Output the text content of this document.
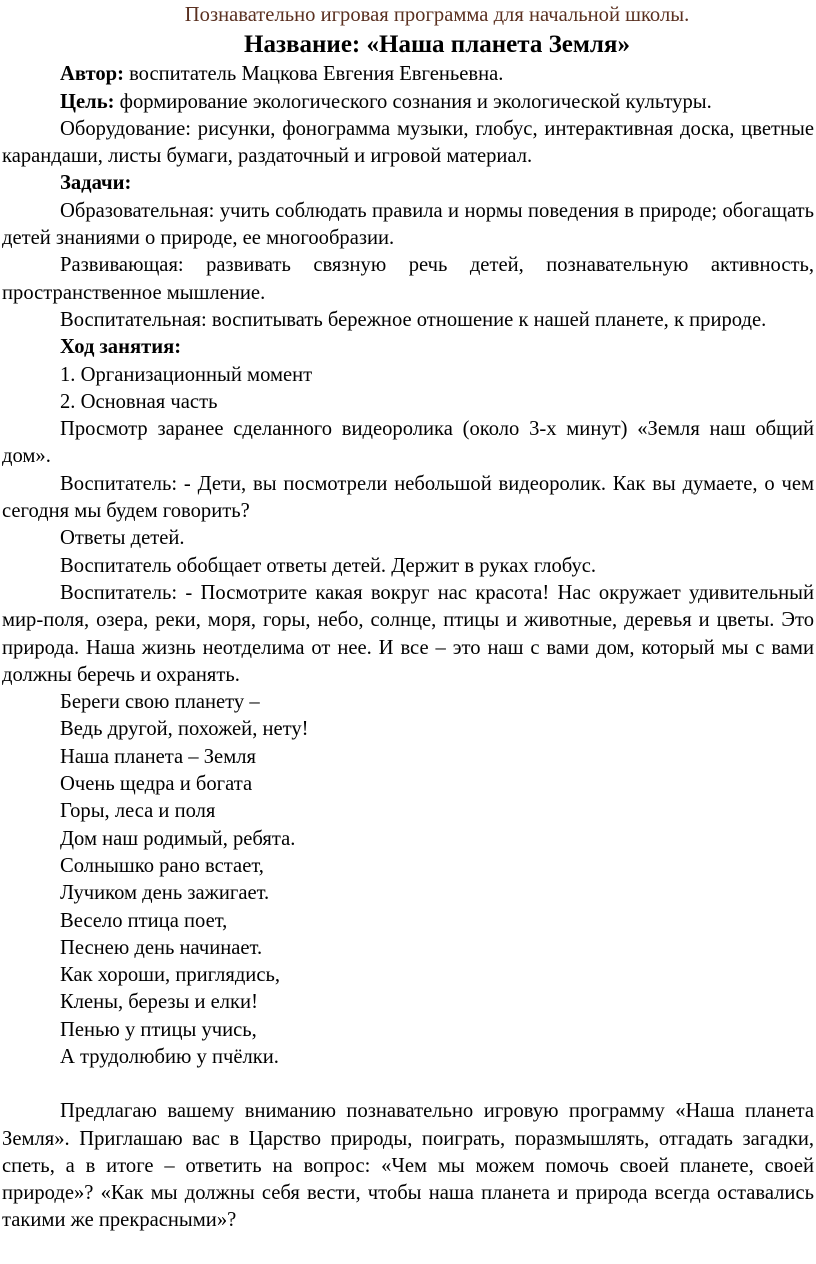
Познавательно игровая программа для начальной школы.

Название: «Наша планета Земля»

Автор: воспитатель Мацкова Евгения Евгеньевна.

Цель: формирование экологического сознания и экологической культуры.

Оборудование: рисунки, фонограмма музыки, глобус, интерактивная доска, цветные карандаши, листы бумаги, раздаточный и игровой материал.

Задачи:

Образовательная: учить соблюдать правила и нормы поведения в природе; обогащать детей знаниями о природе, ее многообразии.

Развивающая: развивать связную речь детей, познавательную активность, пространственное мышление.

Воспитательная: воспитывать бережное отношение к нашей планете, к природе.

Ход занятия:

1. Организационный момент

2. Основная часть

Просмотр заранее сделанного видеоролика (около 3-х минут) «Земля наш общий дом».

Воспитатель: - Дети, вы посмотрели небольшой видеоролик. Как вы думаете, о чем сегодня мы будем говорить?

Ответы детей.

Воспитатель обобщает ответы детей. Держит в руках глобус.

Воспитатель: - Посмотрите какая вокруг нас красота! Нас окружает удивительный мир-поля, озера, реки, моря, горы, небо, солнце, птицы и животные, деревья и цветы. Это природа. Наша жизнь неотделима от нее. И все – это наш с вами дом, который мы с вами должны беречь и охранять.

Береги свою планету –

Ведь другой, похожей, нету!

Наша планета – Земля

Очень щедра и богата

Горы, леса и поля

Дом наш родимый, ребята.

Солнышко рано встает,

Лучиком день зажигает.

Весело птица поет,

Песнею день начинает.

Как хороши, приглядись,

Клены, березы и елки!

Пенью у птицы учись,

А трудолюбию у пчёлки.

Предлагаю вашему вниманию познавательно игровую программу «Наша планета Земля». Приглашаю вас в Царство природы, поиграть, поразмышлять, отгадать загадки, спеть, а в итоге – ответить на вопрос: «Чем мы можем помочь своей планете, своей природе»? «Как мы должны себя вести, чтобы наша планета и природа всегда оставались такими же прекрасными»?
